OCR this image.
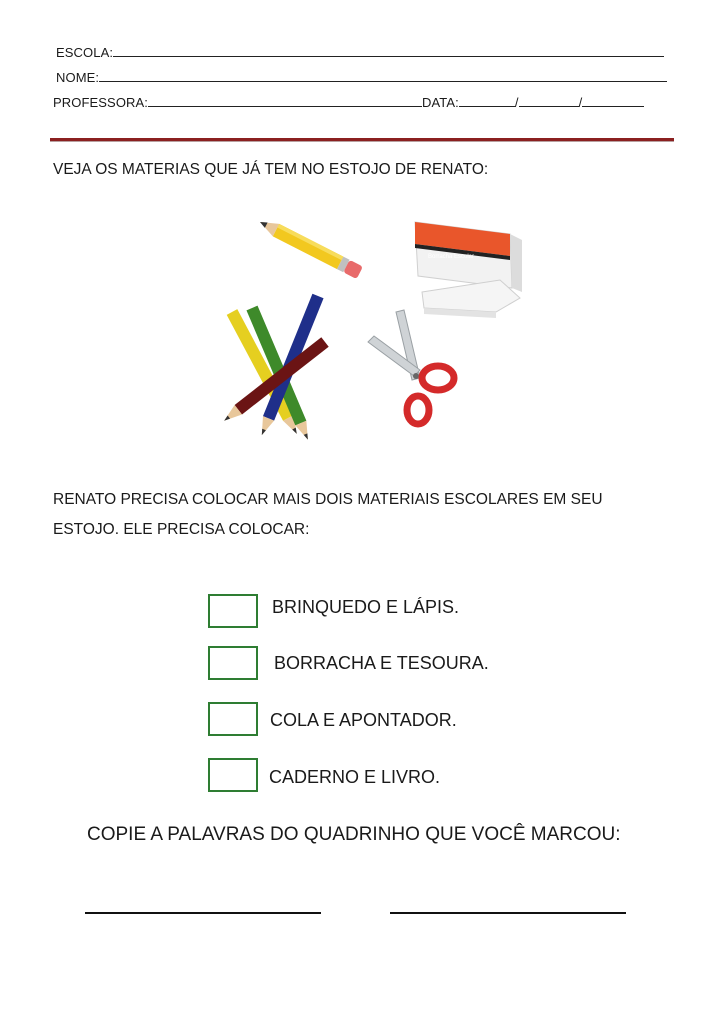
ESCOLA:
NOME:
PROFESSORA:	DATA:	/	/
VEJA OS MATERIAS QUE JÁ TEM NO ESTOJO DE RENATO:
Borracha Escolar
RENATO PRECISA COLOCAR MAIS DOIS MATERIAIS ESCOLARES EM SEU
ESTOJO. ELE PRECISA COLOCAR:
BRINQUEDO E LÁPIS.
BORRACHA E TESOURA.
COLA E APONTADOR.
CADERNO E LIVRO.
COPIE A PALAVRAS DO QUADRINHO QUE VOCÊ MARCOU:
